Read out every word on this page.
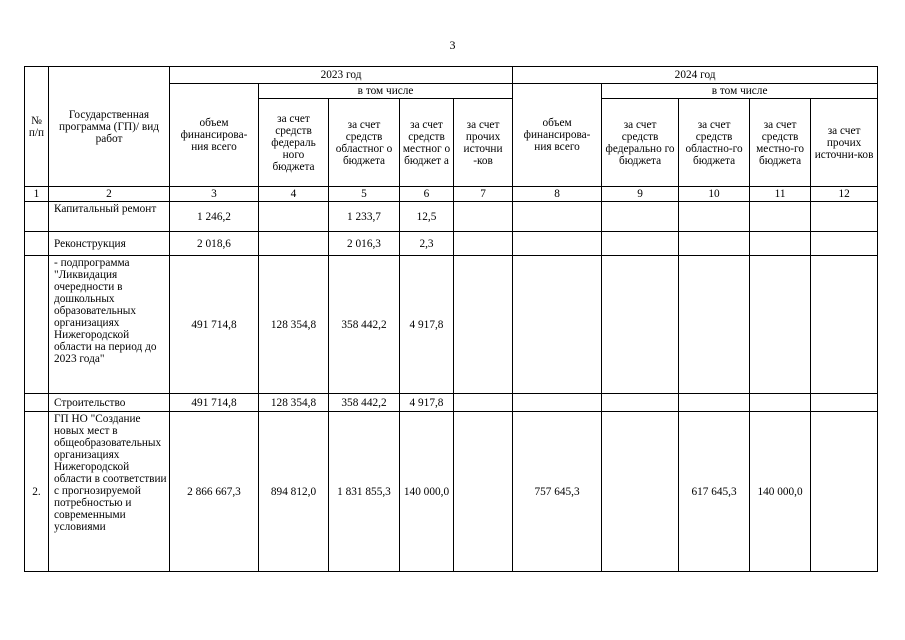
3
№ п/п	Государственная программа (ГП)/ вид работ	2023 год					2024 год				
		объем финансирова-ния всего	в том числе				объем финансирова-ния всего	в том числе			
			за счет средств федераль ного бюджета	за счет средств областног о бюджета	за счет средств местног о бюджет а	за счет прочих источни -ков		за счет средств федерально го бюджета	за счет средств областно-го бюджета	за счет средств местно-го бюджета	за счет прочих источни-ков
1	2	3	4	5	6	7	8	9	10	11	12
	Капитальный ремонт	1 246,2		1 233,7	12,5						
	Реконструкция	2 018,6		2 016,3	2,3						
	- подпрограмма "Ликвидация очередности в дошкольных образовательных организациях Нижегородской области на период до 2023 года"	491 714,8	128 354,8	358 442,2	4 917,8						
	Строительство	491 714,8	128 354,8	358 442,2	4 917,8						
2.	ГП НО "Создание новых мест в общеобразовательных организациях Нижегородской области в соответствии с прогнозируемой потребностью и современными условиями	2 866 667,3	894 812,0	1 831 855,3	140 000,0		757 645,3		617 645,3	140 000,0	
